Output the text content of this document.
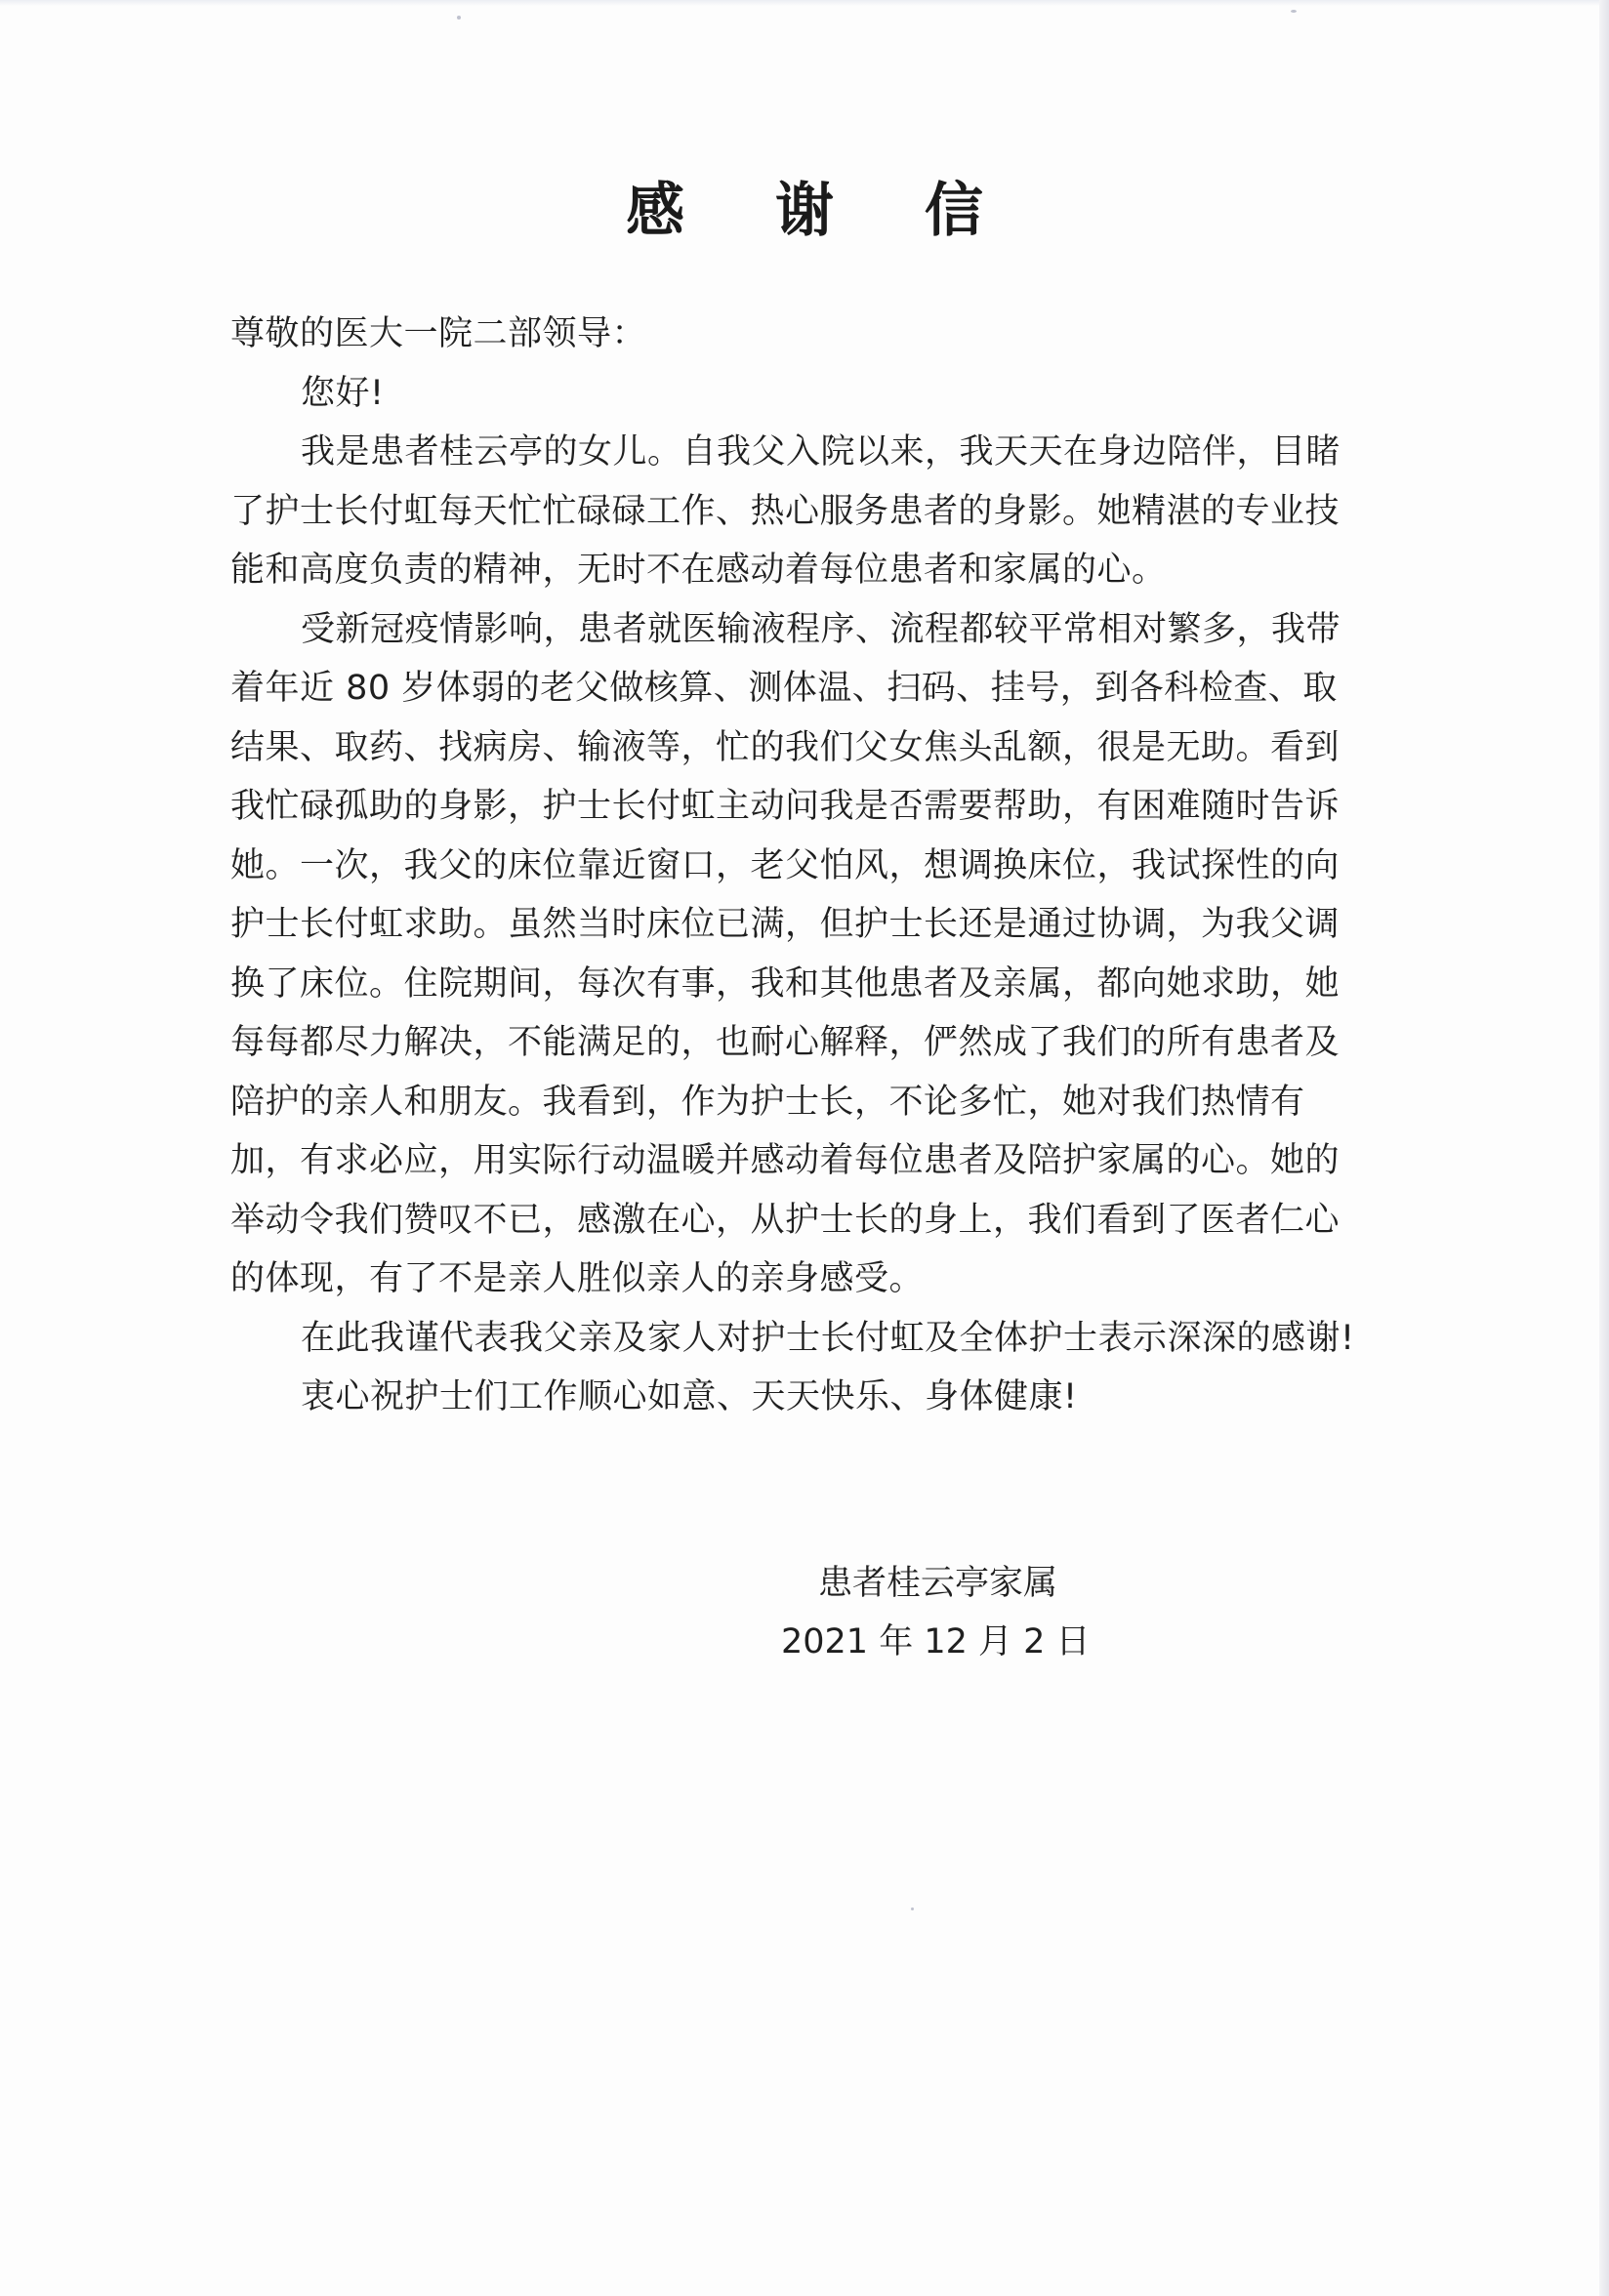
感 谢 信

尊敬的医大一院二部领导：

您好!

我是患者桂云亭的女儿。自我父入院以来，我天天在身边陪伴，目睹了护士长付虹每天忙忙碌碌工作、热心服务患者的身影。她精湛的专业技能和高度负责的精神，无时不在感动着每位患者和家属的心。

受新冠疫情影响，患者就医输液程序、流程都较平常相对繁多，我带着年近 80 岁体弱的老父做核算、测体温、扫码、挂号，到各科检查、取结果、取药、找病房、输液等，忙的我们父女焦头乱额，很是无助。看到我忙碌孤助的身影，护士长付虹主动问我是否需要帮助，有困难随时告诉她。一次，我父的床位靠近窗口，老父怕风，想调换床位，我试探性的向护士长付虹求助。虽然当时床位已满，但护士长还是通过协调，为我父调换了床位。住院期间，每次有事，我和其他患者及亲属，都向她求助，她每每都尽力解决，不能满足的，也耐心解释，俨然成了我们的所有患者及陪护的亲人和朋友。我看到，作为护士长，不论多忙，她对我们热情有加，有求必应，用实际行动温暖并感动着每位患者及陪护家属的心。她的举动令我们赞叹不已，感激在心，从护士长的身上，我们看到了医者仁心的体现，有了不是亲人胜似亲人的亲身感受。

在此我谨代表我父亲及家人对护士长付虹及全体护士表示深深的感谢!

衷心祝护士们工作顺心如意、天天快乐、身体健康!

患者桂云亭家属
2021 年 12 月 2 日
